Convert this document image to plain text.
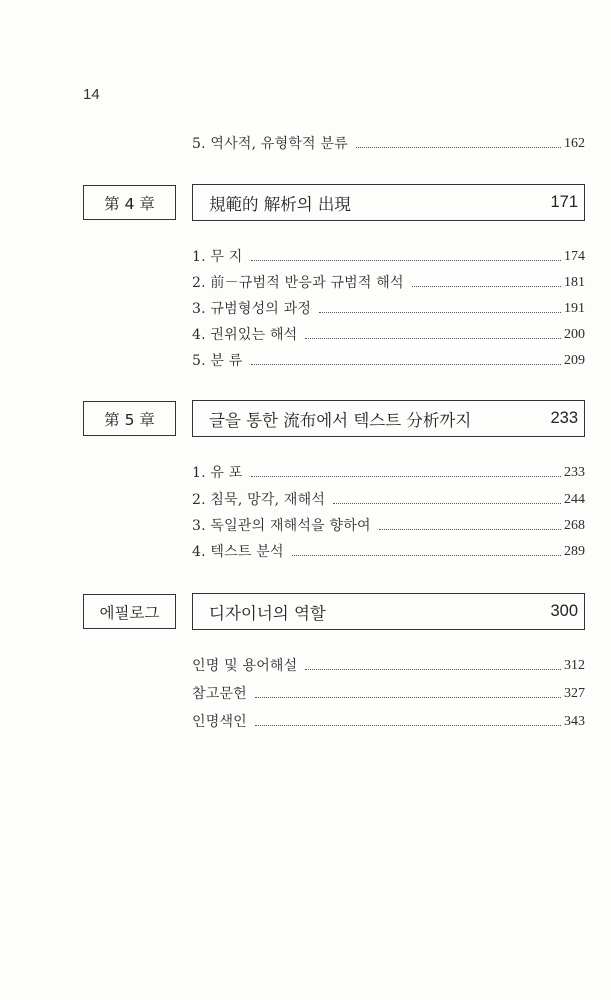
14
5. 역사적, 유형학적 분류	162
第 4 章	規範的 解析의 出現	171
1. 무 지	174
2. 前－규범적 반응과 규범적 해석	181
3. 규범형성의 과정	191
4. 권위있는 해석	200
5. 분 류	209
第 5 章	글을 통한 流布에서 텍스트 分析까지	233
1. 유 포	233
2. 침묵, 망각, 재해석	244
3. 독일관의 재해석을 향하여	268
4. 텍스트 분석	289
에필로그	디자이너의 역할	300
인명 및 용어해설	312
참고문헌	327
인명색인	343
